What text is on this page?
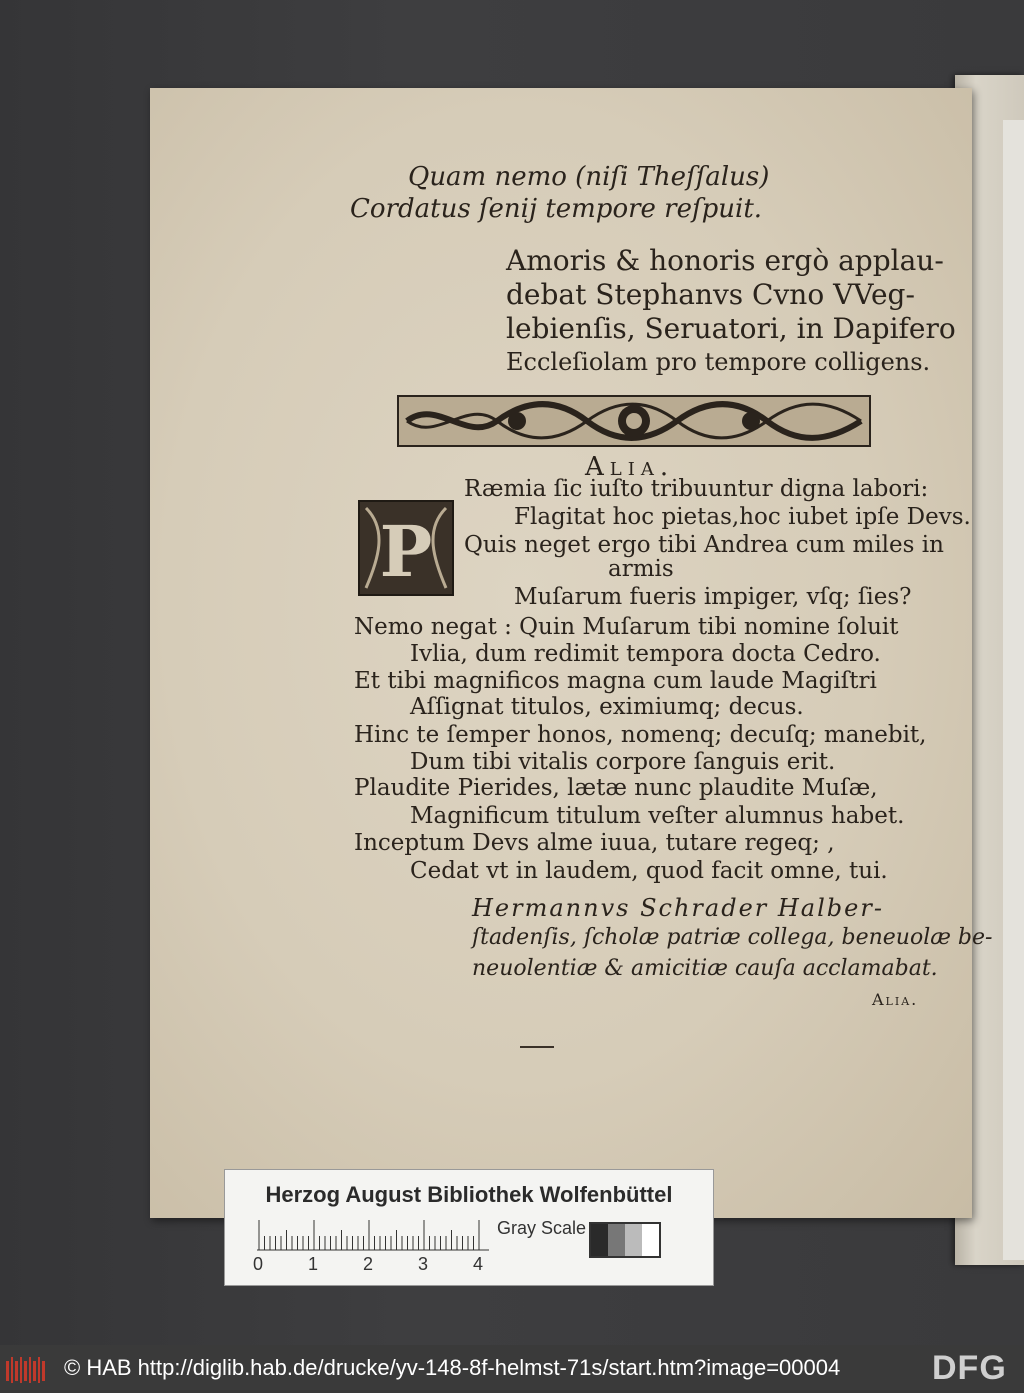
Quam nemo (niſi Theſſalus)
Cordatus ſenij tempore reſpuit.
Amoris & honoris ergò applau-
debat Stephanvs Cvno VVeg-
lebienſis, Seruatori, in Dapifero
Eccleſiolam pro tempore colligens.
Alia.
P
Ræmia ſic iuſto tribuuntur digna labori:
Flagitat hoc pietas,hoc iubet ipſe Devs.
Quis neget ergo tibi Andrea cum miles in
armis
Muſarum fueris impiger, vſq; ſies?
Nemo negat : Quin Muſarum tibi nomine ſoluit
Ivlia, dum redimit tempora docta Cedro.
Et tibi magnificos magna cum laude Magiſtri
Aſſignat titulos, eximiumq; decus.
Hinc te ſemper honos, nomenq; decuſq; manebit,
Dum tibi vitalis corpore ſanguis erit.
Plaudite Pierides, lætæ nunc plaudite Muſæ,
Magnificum titulum veſter alumnus habet.
Inceptum Devs alme iuua, tutare regeq; ,
Cedat vt in laudem, quod facit omne, tui.
Hermannvs Schrader Halber-
ſtadenſis, ſcholæ patriæ collega, beneuolæ be-
neuolentiæ & amicitiæ cauſa acclamabat.
Alia.
Herzog August Bibliothek Wolfenbüttel
0 1 2 3 4
Gray Scale
© HAB http://diglib.hab.de/drucke/yv-148-8f-helmst-71s/start.htm?image=00004	DFG
